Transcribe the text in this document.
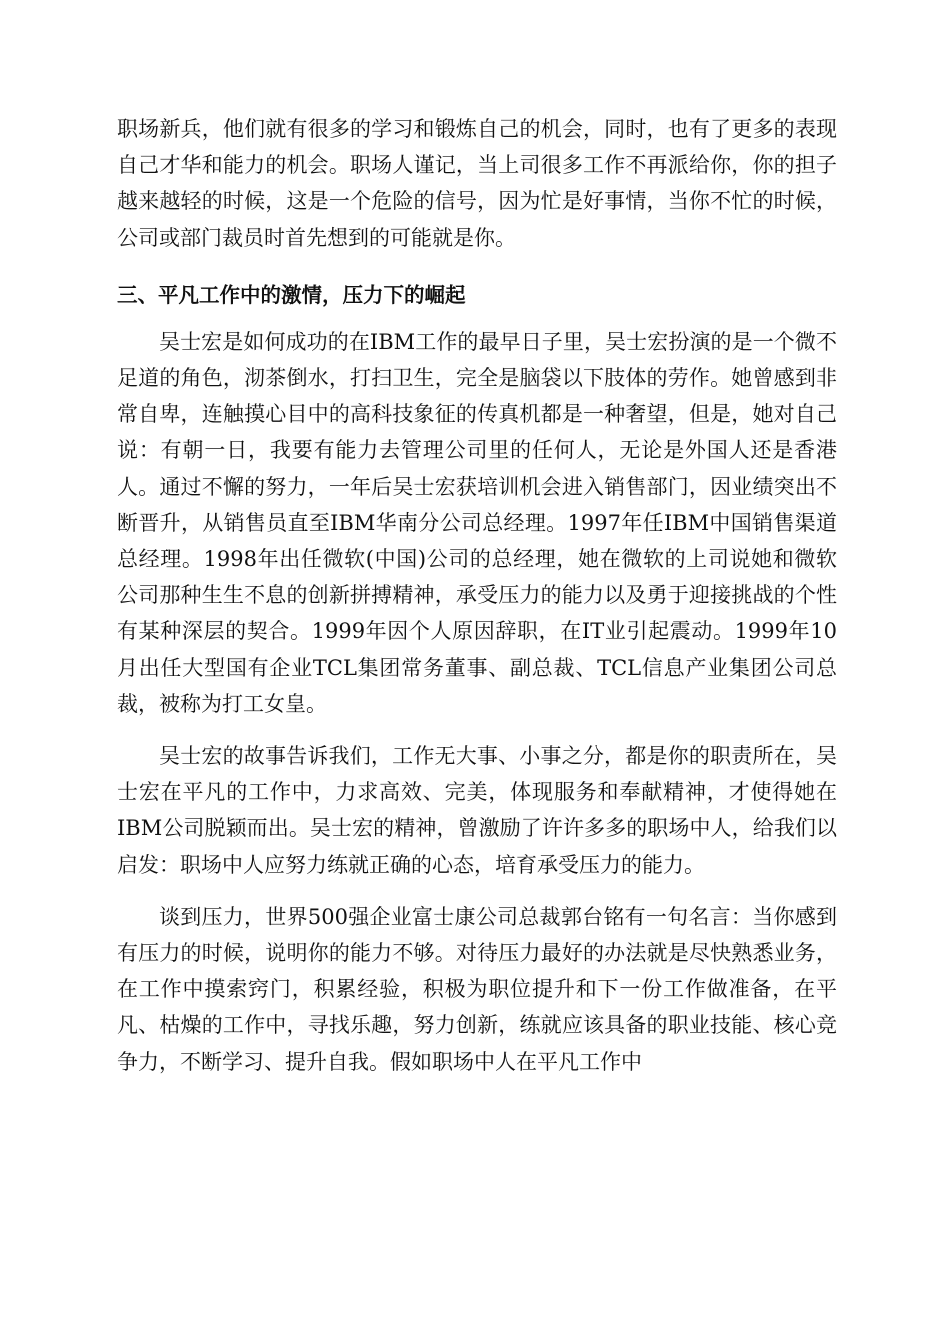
职场新兵，他们就有很多的学习和锻炼自己的机会，同时，也有了更多的表现自己才华和能力的机会。职场人谨记，当上司很多工作不再派给你，你的担子越来越轻的时候，这是一个危险的信号，因为忙是好事情，当你不忙的时候，公司或部门裁员时首先想到的可能就是你。

三、平凡工作中的激情，压力下的崛起

吴士宏是如何成功的在IBM工作的最早日子里，吴士宏扮演的是一个微不足道的角色，沏茶倒水，打扫卫生，完全是脑袋以下肢体的劳作。她曾感到非常自卑，连触摸心目中的高科技象征的传真机都是一种奢望，但是，她对自己说：有朝一日，我要有能力去管理公司里的任何人，无论是外国人还是香港人。通过不懈的努力，一年后吴士宏获培训机会进入销售部门，因业绩突出不断晋升，从销售员直至IBM华南分公司总经理。1997年任IBM中国销售渠道总经理。1998年出任微软(中国)公司的总经理，她在微软的上司说她和微软公司那种生生不息的创新拼搏精神，承受压力的能力以及勇于迎接挑战的个性有某种深层的契合。1999年因个人原因辞职，在IT业引起震动。1999年10月出任大型国有企业TCL集团常务董事、副总裁、TCL信息产业集团公司总裁，被称为打工女皇。

吴士宏的故事告诉我们，工作无大事、小事之分，都是你的职责所在，吴士宏在平凡的工作中，力求高效、完美，体现服务和奉献精神，才使得她在IBM公司脱颖而出。吴士宏的精神，曾激励了许许多多的职场中人，给我们以启发：职场中人应努力练就正确的心态，培育承受压力的能力。

谈到压力，世界500强企业富士康公司总裁郭台铭有一句名言：当你感到有压力的时候，说明你的能力不够。对待压力最好的办法就是尽快熟悉业务，在工作中摸索窍门，积累经验，积极为职位提升和下一份工作做准备，在平凡、枯燥的工作中，寻找乐趣，努力创新，练就应该具备的职业技能、核心竞争力，不断学习、提升自我。假如职场中人在平凡工作中
